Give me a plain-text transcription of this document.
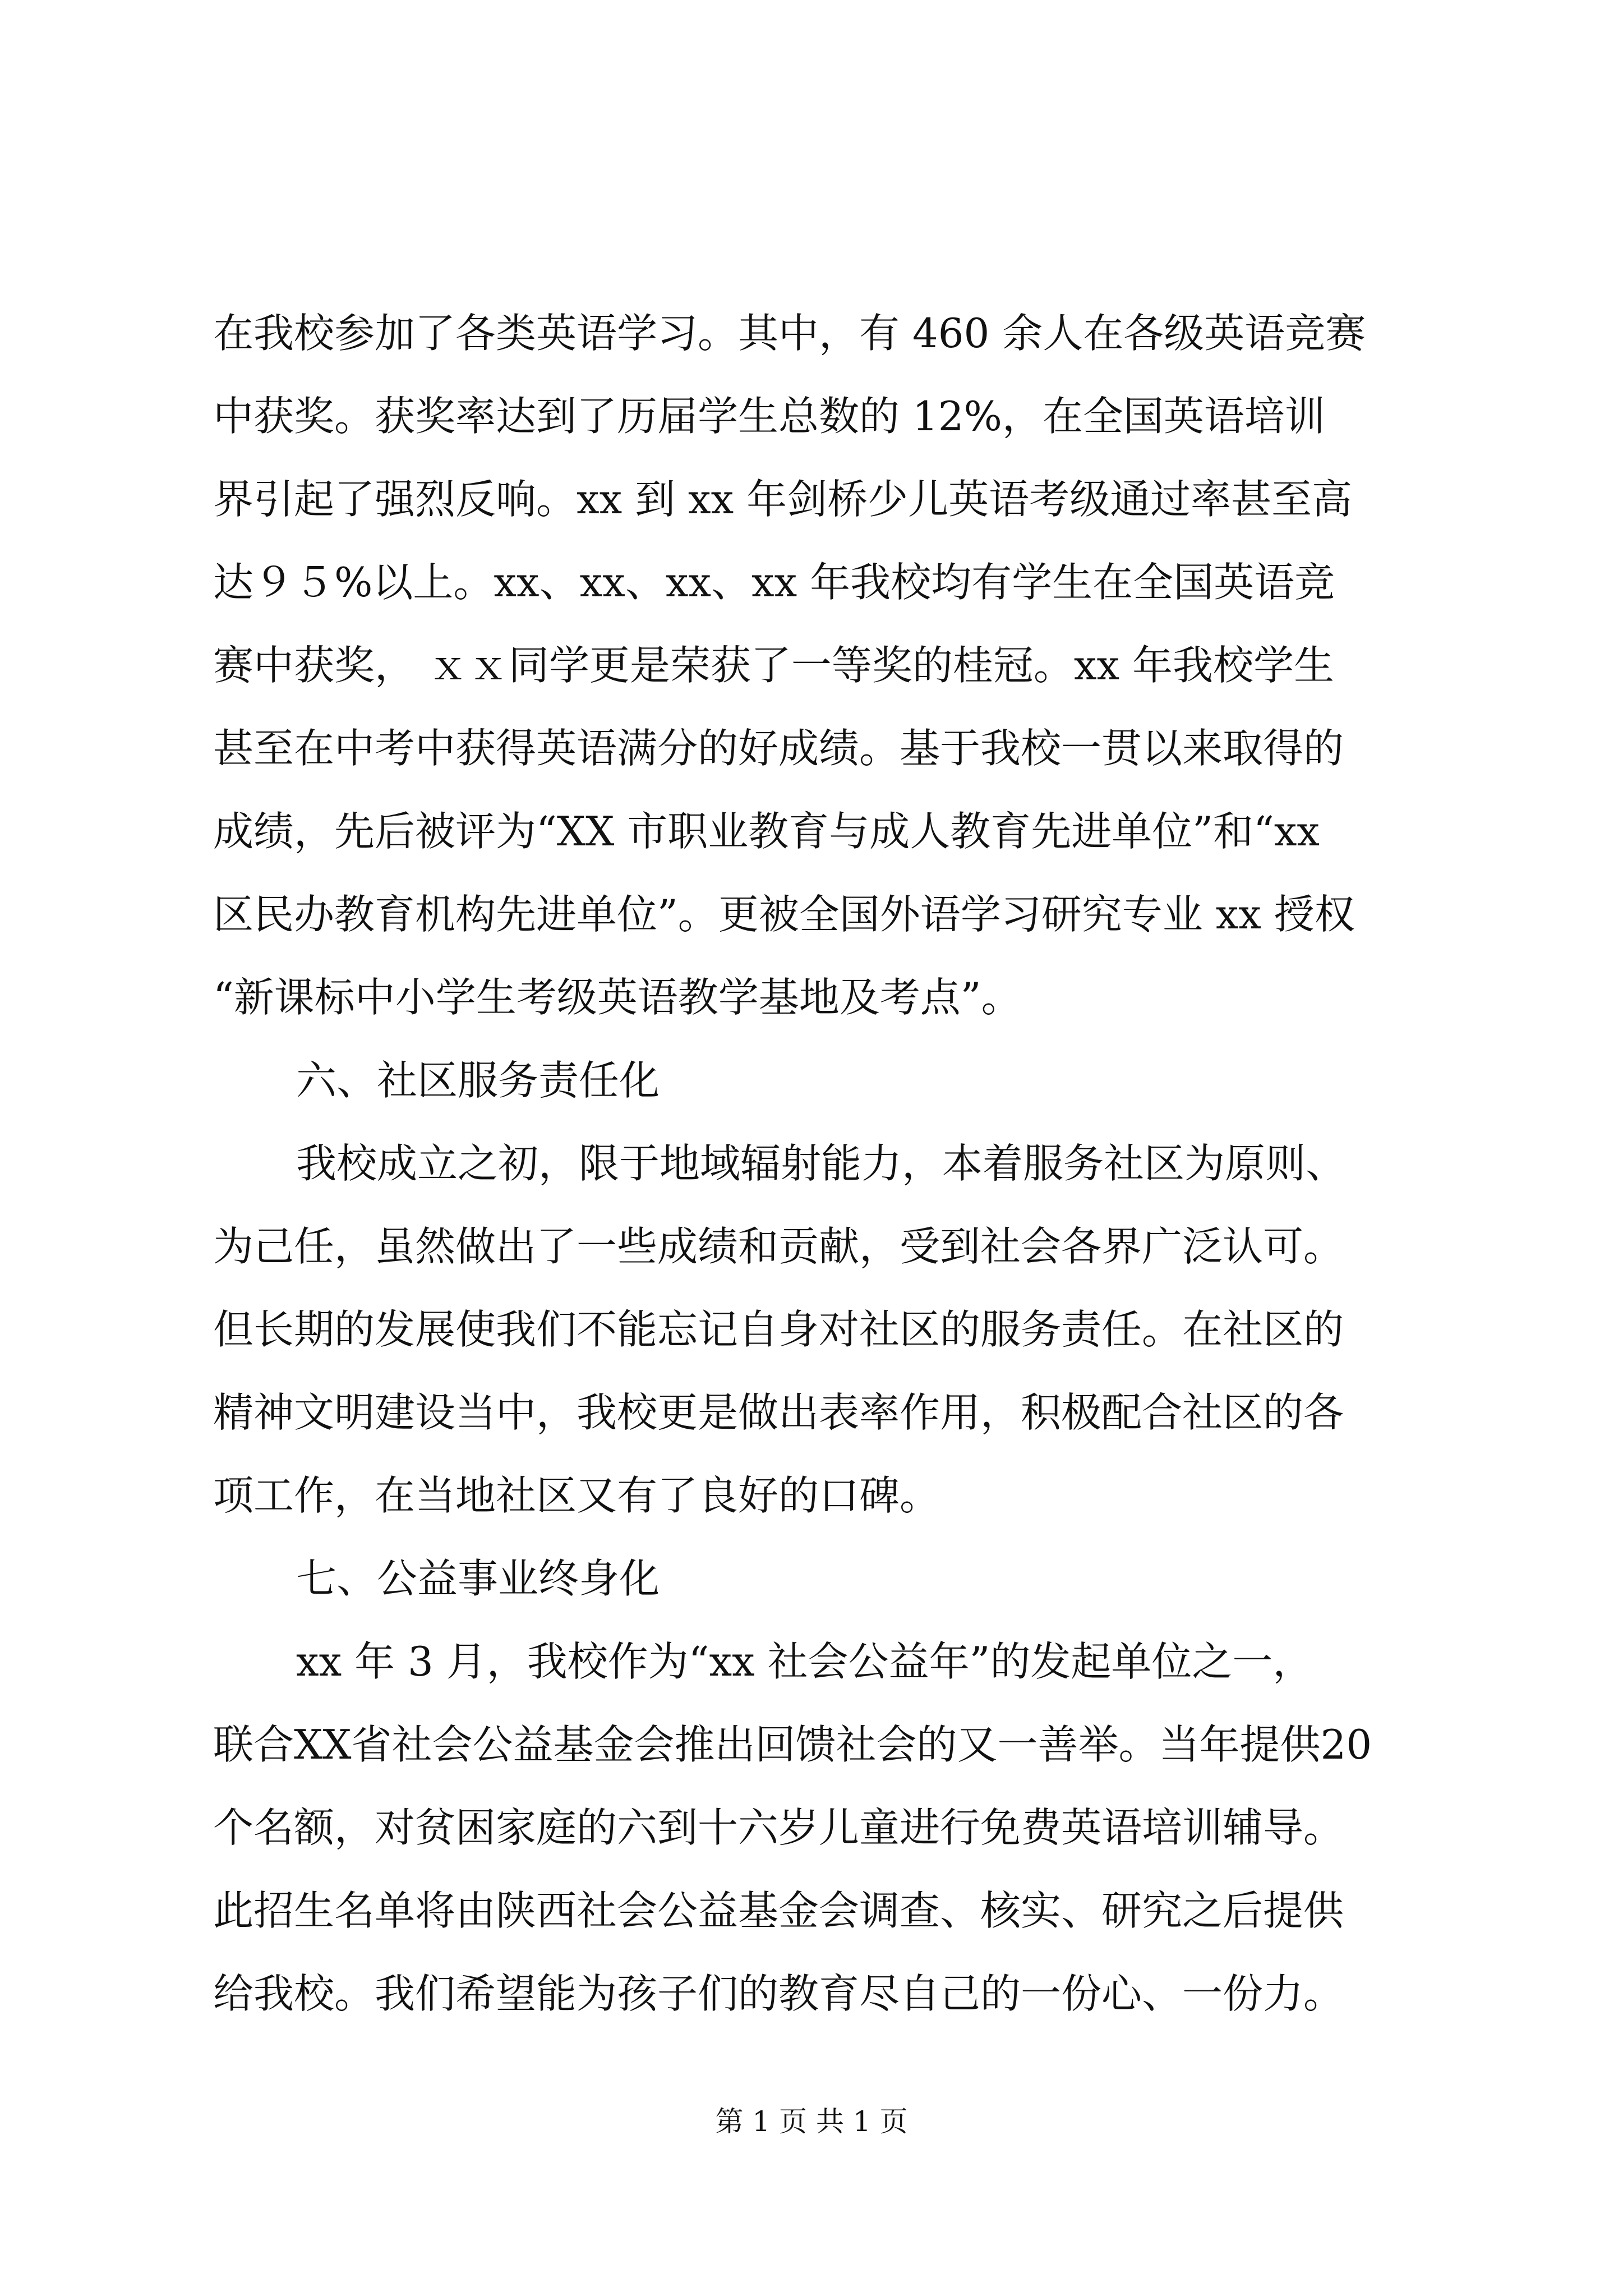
在我校参加了各类英语学习。其中，有 460 余人在各级英语竞赛
中获奖。获奖率达到了历届学生总数的 12%，在全国英语培训
界引起了强烈反响。xx 到 xx 年剑桥少儿英语考级通过率甚至高
达９５%以上。xx、xx、xx、xx 年我校均有学生在全国英语竞
赛中获奖， ｘｘ同学更是荣获了一等奖的桂冠。xx 年我校学生
甚至在中考中获得英语满分的好成绩。基于我校一贯以来取得的
成绩，先后被评为“XX 市职业教育与成人教育先进单位”和“xx
区民办教育机构先进单位”。更被全国外语学习研究专业 xx 授权
“新课标中小学生考级英语教学基地及考点”。
六、社区服务责任化
我校成立之初，限于地域辐射能力，本着服务社区为原则、
为己任，虽然做出了一些成绩和贡献，受到社会各界广泛认可。
但长期的发展使我们不能忘记自身对社区的服务责任。在社区的
精神文明建设当中，我校更是做出表率作用，积极配合社区的各
项工作，在当地社区又有了良好的口碑。
七、公益事业终身化
xx 年 3 月，我校作为“xx 社会公益年”的发起单位之一，
联合XX省社会公益基金会推出回馈社会的又一善举。当年提供20
个名额，对贫困家庭的六到十六岁儿童进行免费英语培训辅导。
此招生名单将由陕西社会公益基金会调查、核实、研究之后提供
给我校。我们希望能为孩子们的教育尽自己的一份心、一份力。
第 1 页 共 1 页
